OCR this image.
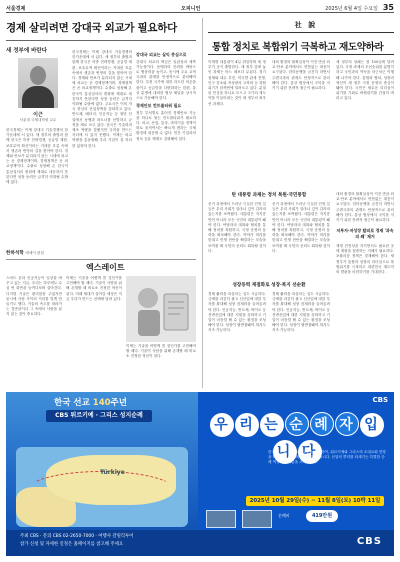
서울경제	오피니언	2025년 6월 4일 수요일 35
경제 살리려면 강대국 외교가 필요하다
새 정부에 바란다
이근
서울대 국제대학원 교수
한국경제는 이제 강대국 기술경쟁의 한가운데에 서 있다. 새 정부의 출범과 함께 한국은 미중 전략경쟁, 공급망 재편, 보호무역 확산이라는 거대한 흐름 속에서 생존과 번영의 길을 찾아야 한다. 경제와 안보가 분리되지 않는 시대에 외교는 곧 경제정책이며, 경제정책은 곧 외교정책이다. 수출로 성장해 온 한국이 통상질서의 변화에 제대로 대응하지 못한다면 성장 동력은 급격히 약화될 수밖에 없다. 주요국은 이미 자국 중심의 산업정책을 강화하고 있다. 반도체, 배터리, 인공지능 등 첨단 산업에서 동맹과 파트너를 선별하고 규칙을 새로 쓰고 있다. 한국은 기술력과 제조 역량을 갖췄지만 규칙을 만드는 자리에 서 있지 못했다. 이제는 외교 역량을 총동원해 우리 기업이 설 자리를 넓혀야 한다.
강대국 외교는 실익 중심으로
강대국 외교의 핵심은 일관성과 예측 가능성이다. 동맹과의 신뢰를 바탕으로 협상력을 높이고, 동시에 주요 교역국과의 관계를 안정적으로 관리해야 한다. 특정 국가에 대한 과도한 의존을 줄이고 공급망을 다변화하는 한편, 통상 분쟁에 대비한 협상 채널을 상시적으로 가동해야 한다.
경제안보 컨트롤타워 필요
정부 부처별로 흩어진 경제안보 기능을 하나로 묶는 컨트롤타워가 필요하다. 외교, 산업, 통상, 과학기술 정책이 따로 움직여서는 빠르게 변하는 국제 환경에 대응할 수 없다. 민간 기업과의 정보 공유 체계도 강화해야 한다.
한국경제는 이제 강대국 기술경쟁의 한가운데에 서 있다. 새 정부의 출범과 함께 한국은 미중 전략경쟁, 공급망 재편, 보호무역 확산이라는 거대한 흐름 속에서 생존과 번영의 길을 찾아야 한다. 경제와 안보가 분리되지 않는 시대에 외교는 곧 경제정책이며, 경제정책은 곧 외교정책이다. 수출로 성장해 온 한국이 통상질서의 변화에 제대로 대응하지 못한다면 성장 동력은 급격히 약화될 수밖에 없다.
한하석학 에세이 편집
엑스레이트
스마트 폰과 인공지능이 일상을 바꾸고 있는 지금, 우리는 하루에도 수십 번 화면을 들여다보며 살아간다. 디지털 기술은 편리함을 주었지만 동시에 사람 사이의 거리를 멀게 만들기도 했다. 기술의 속도를 따라가는 것만큼이나 그 속에서 사람을 잃지 않는 것이 중요하다.
이제는 기술을 어떻게 쓸 것인가를 고민해야 할 때다. 기술이 사람을 위해 존재할 때 비로소 진정한 혁신이 된다. 미래 세대가 살아갈 세상은 지금 우리가 만드는 선택에 달려 있다.
이제는 기술을 어떻게 쓸 것인가를 고민해야 할 때다. 기술이 사람을 위해 존재할 때 비로소 진정한 혁신이 된다.
社 說
통합 정치로 복합위기 극복하고 재도약하라
이재명 대통령이 4일 취임하며 새 정부가 공식 출범한다. 새 정부 앞에 놓인 과제는 어느 때보다 무겁다. 경기 침체와 내수 부진, 미국발 관세 전쟁, 인구 감소와 저성장의 고착화 등 복합위기가 한꺼번에 밀려오고 있다. 분열된 민심을 하나로 모으고 국가의 재도약을 이끌어내는 것이 새 정부의 최우선 과제다.
대외 환경의 불확실성이 커진 만큼 외교·안보 분야에서도 빈틈없는 대응이 요구된다. 한미동맹을 굳건히 하면서 주변국과의 관계도 안정적으로 관리해야 한다. 통상 협상에서 국익을 지키기 위한 전략적 접근이 필요하다.
새 정부의 성패는 첫 100일에 달려 있다. 국정 과제의 우선순위를 분명히 하고 국민과의 약속을 차근차근 이행해 나가야 한다. 통합과 협치, 성장과 혁신이 새 정부 국정 운영의 중심이 돼야 한다. 국민은 새로운 리더십이 위기를 기회로 바꿔내기를 간절히 바라고 있다.
탄 대통령 과제는 정치 복원·국민통합
선거 과정에서 드러난 극심한 진영 갈등은 우리 사회가 얼마나 깊이 갈라져 있는지를 보여줬다. 대통령은 지지층만이 아니라 모든 국민의 대통령이 돼야 한다. 야당과의 대화와 협치를 통해 정치를 복원하고, 국정 운영의 동력을 확보해야 한다. 여야가 머리를 맞대고 민생 현안을 해결하는 모습을 보여줄 때 국민의 신뢰도 회복될 것이다.
선거 과정에서 드러난 극심한 진영 갈등은 우리 사회가 얼마나 깊이 갈라져 있는지를 보여줬다. 대통령은 지지층만이 아니라 모든 국민의 대통령이 돼야 한다. 야당과의 대화와 협치를 통해 정치를 복원하고, 국정 운영의 동력을 확보해야 한다. 여야가 머리를 맞대고 민생 현안을 해결하는 모습을 보여줄 때 국민의 신뢰도 회복될 것이다.
성장동력 재점화로 성장·복지 선순환
경제 활력을 되살리는 것도 시급하다. 규제를 과감히 풀고 신산업에 대한 투자를 확대해 성장 잠재력을 끌어올려야 한다. 인공지능, 반도체, 바이오 등 전략산업에 대한 지원을 강화하고 기업이 마음껏 뛸 수 있는 환경을 조성해야 한다. 성장이 뒷받침돼야 복지도 지속 가능하다.
경제 활력을 되살리는 것도 시급하다. 규제를 과감히 풀고 신산업에 대한 투자를 확대해 성장 잠재력을 끌어올려야 한다. 인공지능, 반도체, 바이오 등 전략산업에 대한 지원을 강화하고 기업이 마음껏 뛸 수 있는 환경을 조성해야 한다. 성장이 뒷받침돼야 복지도 지속 가능하다.
저투자·저성장 탈피로 경제 '과속의 쐐' 제거
대외 환경의 불확실성이 커진 만큼 외교·안보 분야에서도 빈틈없는 대응이 요구된다. 한미동맹을 굳건히 하면서 주변국과의 관계도 안정적으로 관리해야 한다. 통상 협상에서 국익을 지키기 위한 전략적 접근이 필요하다.
재정 건전성을 지키면서도 필요한 곳에 재원을 집중하는 지혜가 필요하다. 포퓰리즘 정책은 경계해야 한다. 새 정부가 통합과 성장의 리더십으로 복합위기를 극복하고 대한민국 재도약의 발판을 마련하기를 기대한다.
한국 선교 140주년
CBS 튀르키예 · 그리스 성지순례
Türkiye
CBS
우 리 는 순 례 자 입니 다
한국 기독교 선교 140주년을 기념하여, 튀르키예와 그리스의 초대교회 현장을 따라 사도 바울의 발자취를 걷습니다. 신앙의 뿌리를 되새기는 특별한 순례 여정에 여러분을 초대합니다.
2025년 10월 29일(수) ~ 11월 8일(토) 10박 11일
순례비	419만원
주최 CBS · 문의 CBS 02-2650-7000 · 여행사 갈릴리투어
참가 신청 및 자세한 일정은 홈페이지를 참고해 주세요	CBS
